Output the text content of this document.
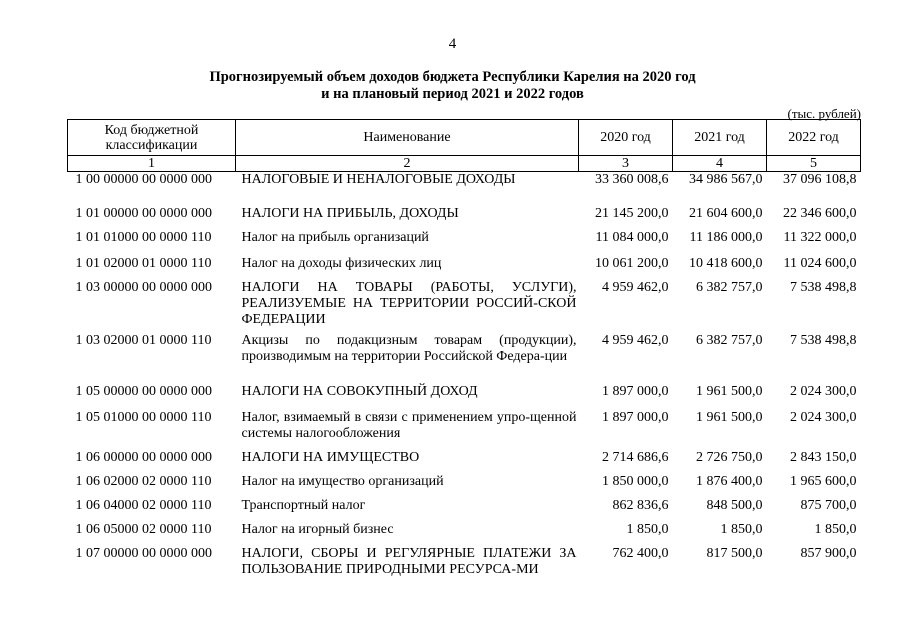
4
Прогнозируемый объем доходов бюджета Республики Карелия на 2020 год
и на плановый период 2021 и 2022 годов
(тыс. рублей)
Код бюджетной классификации	Наименование	2020 год	2021 год	2022 год
1	2	3	4	5
1 00 00000 00 0000 000	НАЛОГОВЫЕ И НЕНАЛОГОВЫЕ ДОХОДЫ	33 360 008,6	34 986 567,0	37 096 108,8
1 01 00000 00 0000 000	НАЛОГИ НА ПРИБЫЛЬ, ДОХОДЫ	21 145 200,0	21 604 600,0	22 346 600,0
1 01 01000 00 0000 110	Налог на прибыль организаций	11 084 000,0	11 186 000,0	11 322 000,0
1 01 02000 01 0000 110	Налог на доходы физических лиц	10 061 200,0	10 418 600,0	11 024 600,0
1 03 00000 00 0000 000	НАЛОГИ НА ТОВАРЫ (РАБОТЫ, УСЛУГИ), РЕАЛИЗУЕМЫЕ НА ТЕРРИТОРИИ РОССИЙ-СКОЙ ФЕДЕРАЦИИ	4 959 462,0	6 382 757,0	7 538 498,8
1 03 02000 01 0000 110	Акцизы по подакцизным товарам (продукции), производимым на территории Российской Федера-ции	4 959 462,0	6 382 757,0	7 538 498,8
1 05 00000 00 0000 000	НАЛОГИ НА СОВОКУПНЫЙ ДОХОД	1 897 000,0	1 961 500,0	2 024 300,0
1 05 01000 00 0000 110	Налог, взимаемый в связи с применением упро-щенной системы налогообложения	1 897 000,0	1 961 500,0	2 024 300,0
1 06 00000 00 0000 000	НАЛОГИ НА ИМУЩЕСТВО	2 714 686,6	2 726 750,0	2 843 150,0
1 06 02000 02 0000 110	Налог на имущество организаций	1 850 000,0	1 876 400,0	1 965 600,0
1 06 04000 02 0000 110	Транспортный налог	862 836,6	848 500,0	875 700,0
1 06 05000 02 0000 110	Налог на игорный бизнес	1 850,0	1 850,0	1 850,0
1 07 00000 00 0000 000	НАЛОГИ, СБОРЫ И РЕГУЛЯРНЫЕ ПЛАТЕЖИ ЗА ПОЛЬЗОВАНИЕ ПРИРОДНЫМИ РЕСУРСА-МИ	762 400,0	817 500,0	857 900,0
